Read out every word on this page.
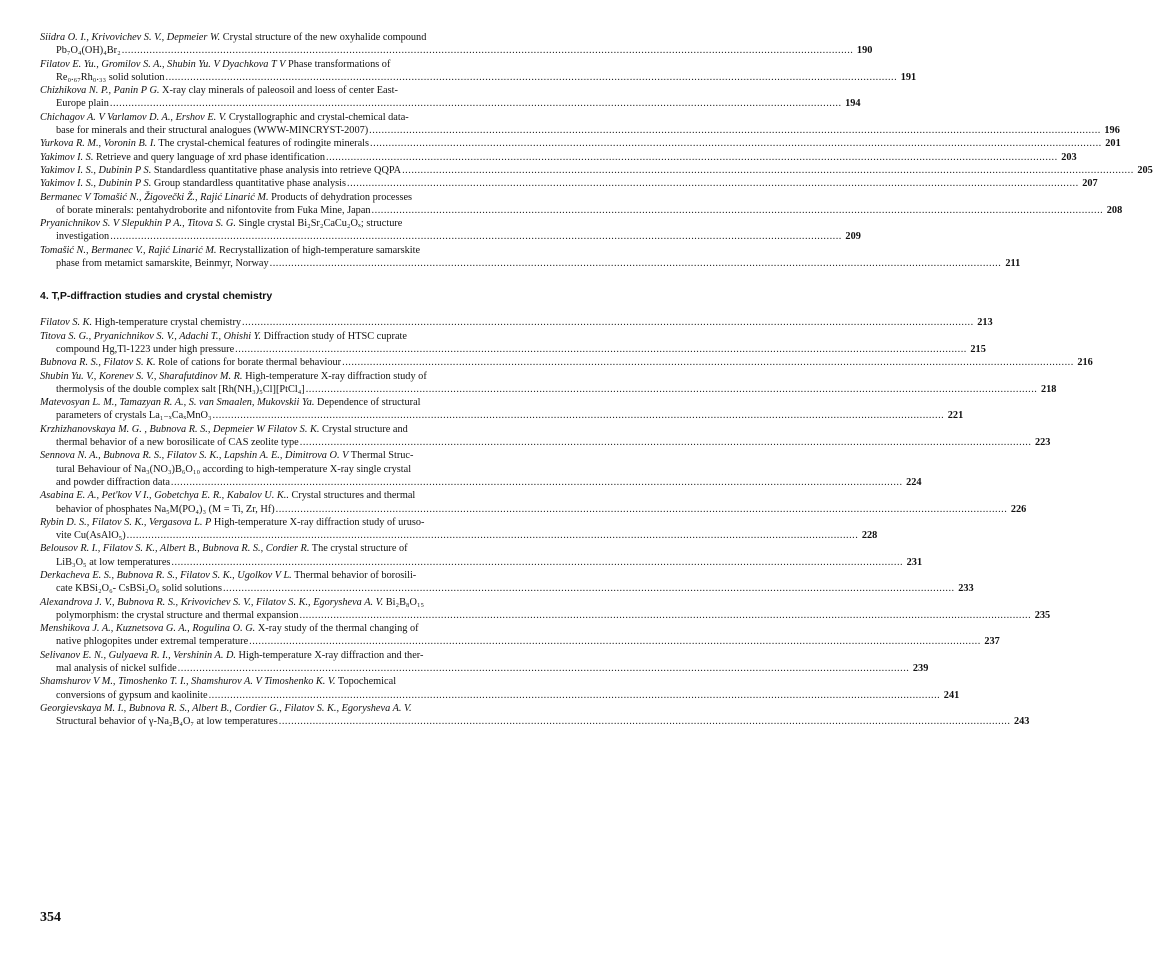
Siidra O. I., Krivovichev S. V., Depmeier W. Crystal structure of the new oxyhalide compound
Pb₇O₄(OH)₄Br₂ .....	190
Filatov E. Yu., Gromilov S. A., Shubin Yu. V Dyachkova T V Phase transformations of
Re₀.₆₇Rh₀.₃₃ solid solution .....	191
Chizhikova N. P., Panin P G. X-ray clay minerals of paleosoil and loess of center East-
Europe plain .....	194
Chichagov A. V Varlamov D. A., Ershov E. V. Crystallographic and crystal-chemical data-
base for minerals and their structural analogues (WWW-MINCRYST-2007) .....	196
Yurkova R. M., Voronin B. I. The crystal-chemical features of rodingite minerals .....	201
Yakimov I. S. Retrieve and query language of xrd phase identification .....	203
Yakimov I. S., Dubinin P S. Standardless quantitative phase analysis into retrieve QQPA .....	205
Yakimov I. S., Dubinin P S. Group standardless quantitative phase analysis .....	207
Bermanec V Tomašić N., Žigovečki Ž., Rajić Linarić M. Products of dehydration processes
of borate minerals: pentahydroborite and nifontovite from Fuka Mine, Japan .....	208
Pryanichnikov S. V Slepukhin P A., Titova S. G. Single crystal Bi₂Sr₂CaCu₂Oₓ; structure
investigation .....	209
Tomašić N., Bermanec V., Rajić Linarić M. Recrystallization of high-temperature samarskite
phase from metamict samarskite, Beinmyr, Norway .....	211
4. T,P-diffraction studies and crystal chemistry
Filatov S. K. High-temperature crystal chemistry .....	213
Titova S. G., Pryanichnikov S. V., Adachi T., Ohishi Y. Diffraction study of HTSC cuprate
compound Hg,Tl-1223 under high pressure .....	215
Bubnova R. S., Filatov S. K. Role of cations for borate thermal behaviour .....	216
Shubin Yu. V., Korenev S. V., Sharafutdinov M. R. High-temperature X-ray diffraction study of
thermolysis of the double complex salt [Rh(NH₃)₅Cl][PtCl₄] .....	218
Matevosyan L. M., Tamazyan R. A., S. van Smaalen, Mukovskii Ya. Dependence of structural
parameters of crystals La₁₋ₓCaₓMnO₃ .....	221
Krzhizhanovskaya M. G. , Bubnova R. S., Depmeier W Filatov S. K. Crystal structure and
thermal behavior of a new borosilicate of CAS zeolite type .....	223
Sennova N. A., Bubnova R. S., Filatov S. K., Lapshin A. E., Dimitrova O. V Thermal Struc-
tural Behaviour of Na₃(NO₃)B₆O₁₀ according to high-temperature X-ray single crystal
and powder diffraction data .....	224
Asabina E. A., Pet'kov V I., Gobetchya E. R., Kabalov U. K.. Crystal structures and thermal
behavior of phosphates Na₅M(PO₄)₃ (M = Ti, Zr, Hf) .....	226
Rybin D. S., Filatov S. K., Vergasova L. P High-temperature X-ray diffraction study of uruso-
vite Cu(AsAlO₅) .....	228
Belousov R. I., Filatov S. K., Albert B., Bubnova R. S., Cordier R. The crystal structure of
LiB₃O₅ at low temperatures .....	231
Derkacheva E. S., Bubnova R. S., Filatov S. K., Ugolkov V L. Thermal behavior of borosili-
cate KBSi₂O₆- CsBSi₂O₆ solid solutions .....	233
Alexandrova J. V., Bubnova R. S., Krivovichev S. V., Filatov S. K., Egorysheva A. V. Bi₂B₈O₁₅
polymorphism: the crystal structure and thermal expansion .....	235
Menshikova J. A., Kuznetsova G. A., Rogulina O. G. X-ray study of the thermal changing of
native phlogopites under extremal temperature .....	237
Selivanov E. N., Gulyaeva R. I., Vershinin A. D. High-temperature X-ray diffraction and ther-
mal analysis of nickel sulfide .....	239
Shamshurov V M., Timoshenko T. I., Shamshurov A. V Timoshenko K. V. Topochemical
conversions of gypsum and kaolinite .....	241
Georgievskaya M. I., Bubnova R. S., Albert B., Cordier G., Filatov S. K., Egorysheva A. V.
Structural behavior of γ-Na₂B₄O₇ at low temperatures .....	243
354
